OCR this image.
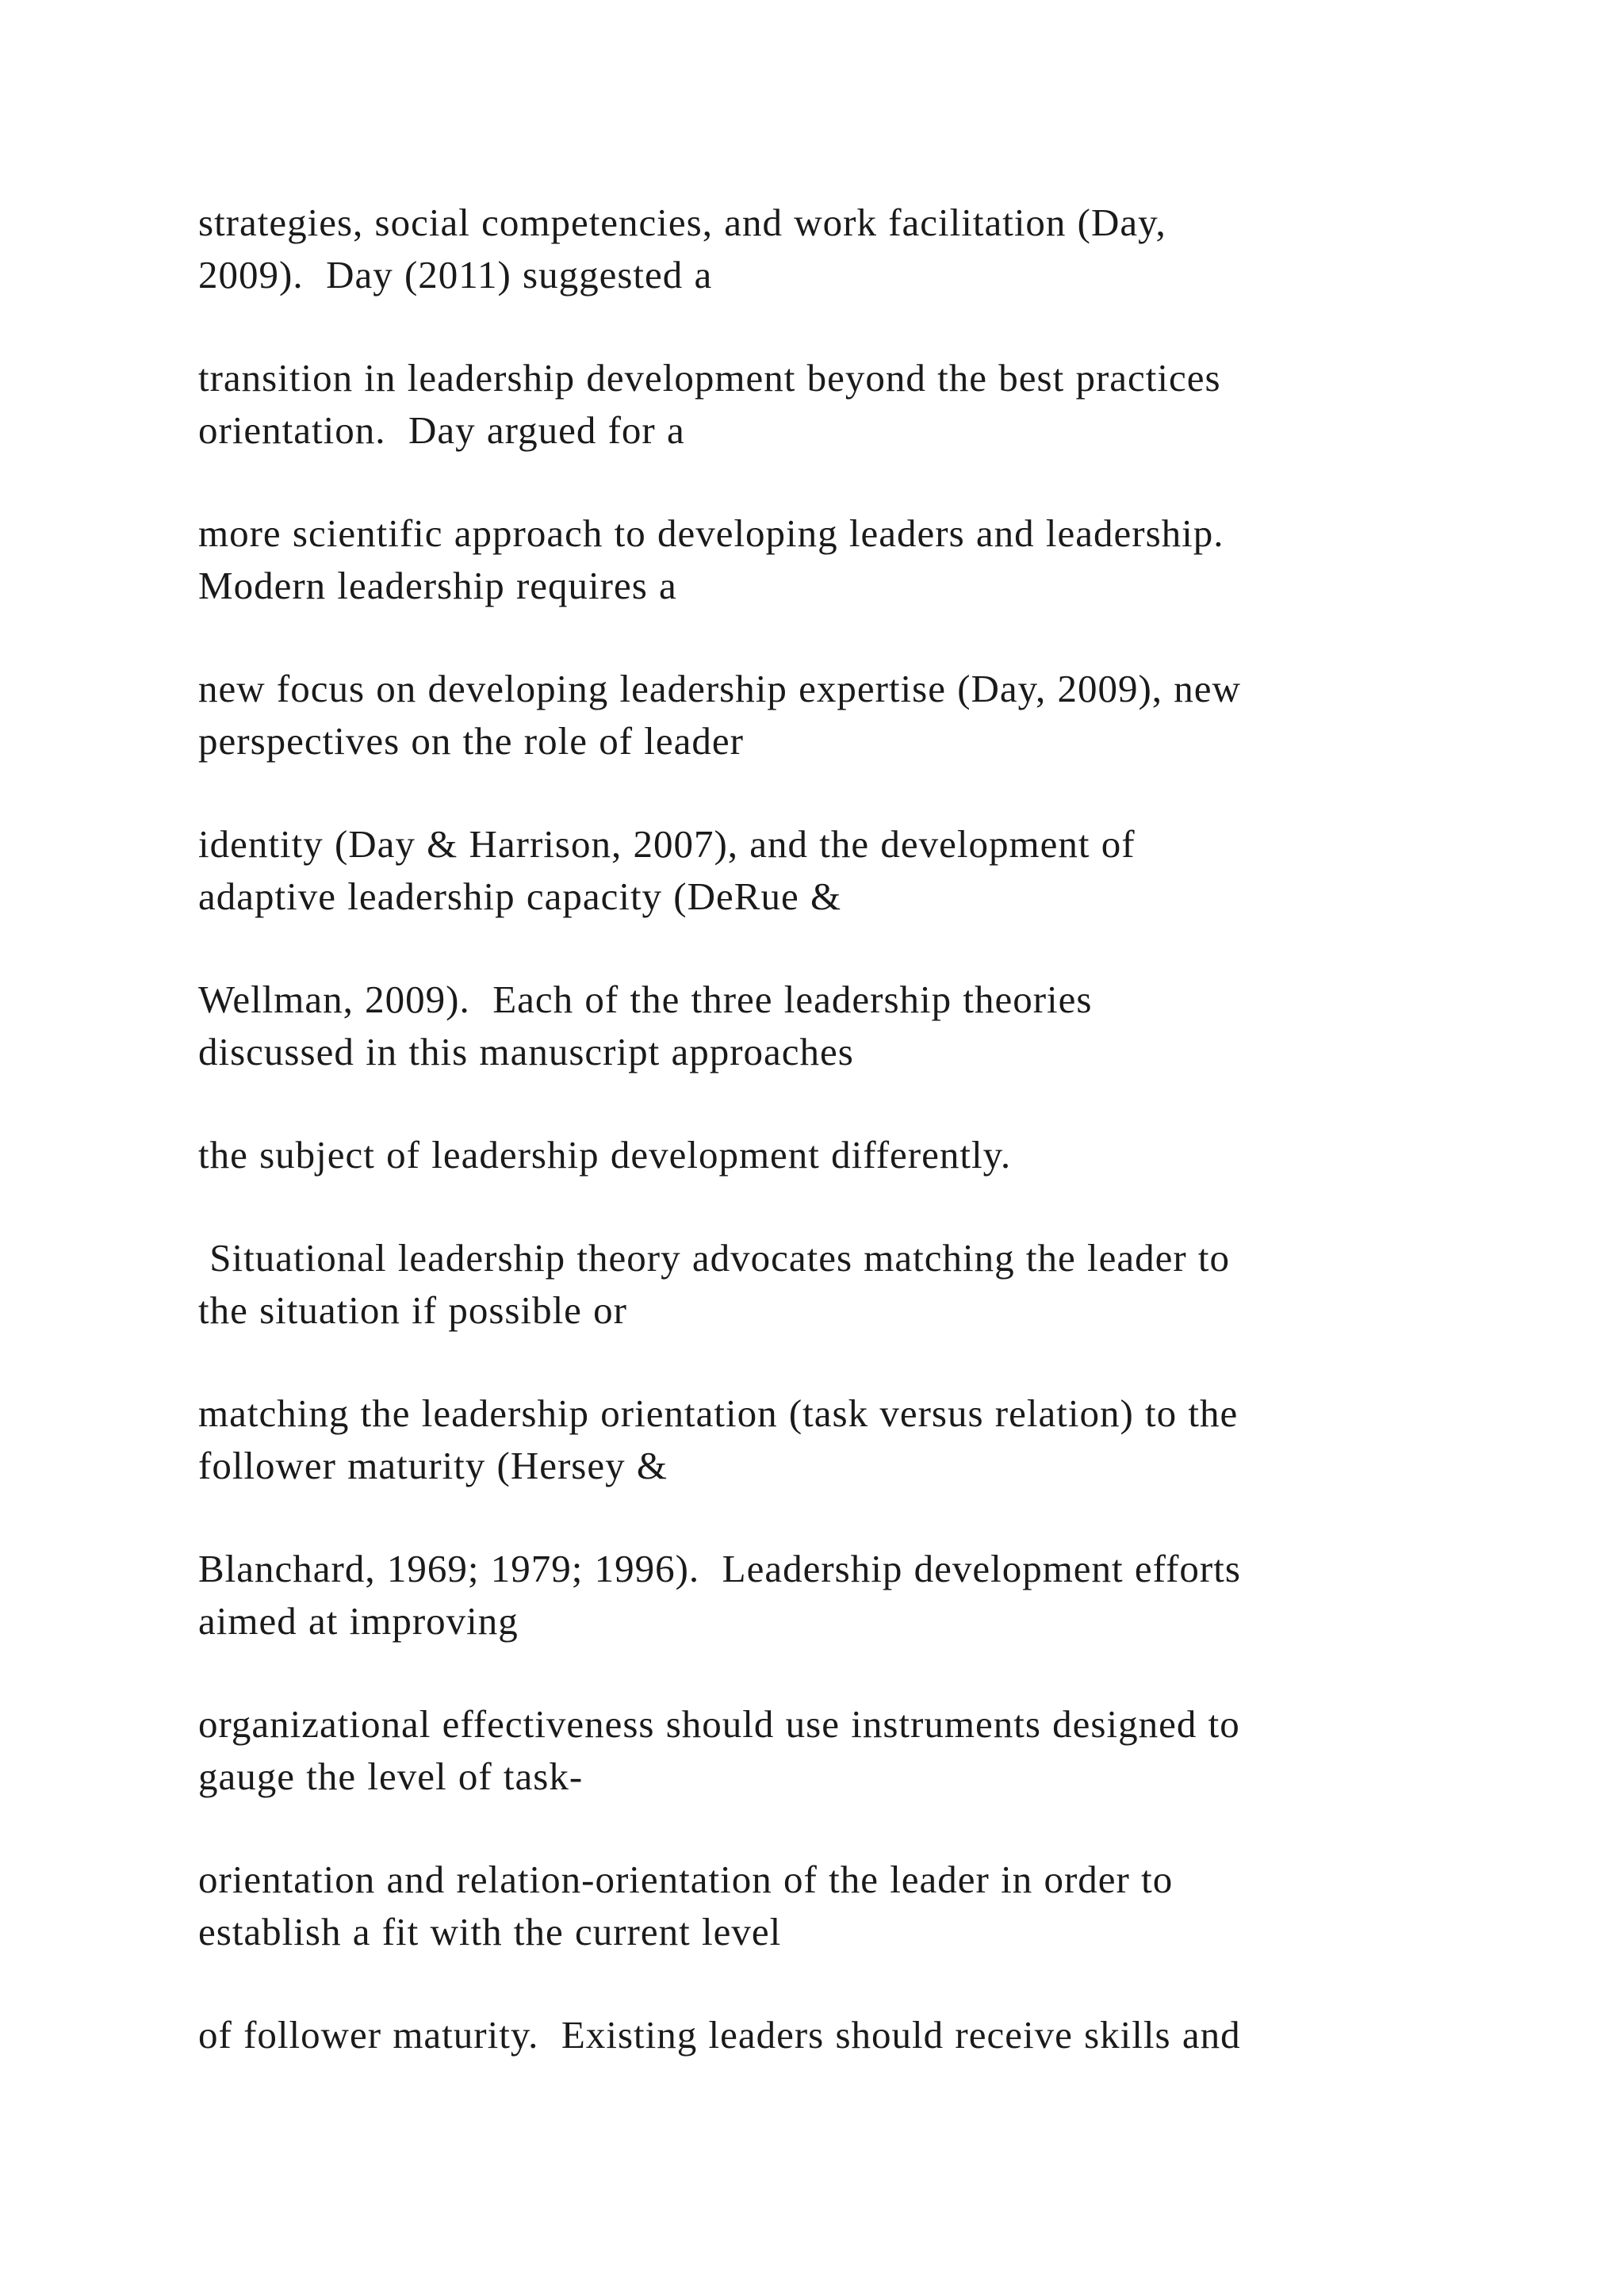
strategies, social competencies, and work facilitation (Day,
2009).  Day (2011) suggested a

transition in leadership development beyond the best practices
orientation.  Day argued for a

more scientific approach to developing leaders and leadership.
Modern leadership requires a

new focus on developing leadership expertise (Day, 2009), new
perspectives on the role of leader

identity (Day & Harrison, 2007), and the development of
adaptive leadership capacity (DeRue &

Wellman, 2009).  Each of the three leadership theories
discussed in this manuscript approaches

the subject of leadership development differently.

Situational leadership theory advocates matching the leader to
the situation if possible or

matching the leadership orientation (task versus relation) to the
follower maturity (Hersey &

Blanchard, 1969; 1979; 1996).  Leadership development efforts
aimed at improving

organizational effectiveness should use instruments designed to
gauge the level of task-

orientation and relation-orientation of the leader in order to
establish a fit with the current level

of follower maturity.  Existing leaders should receive skills and
